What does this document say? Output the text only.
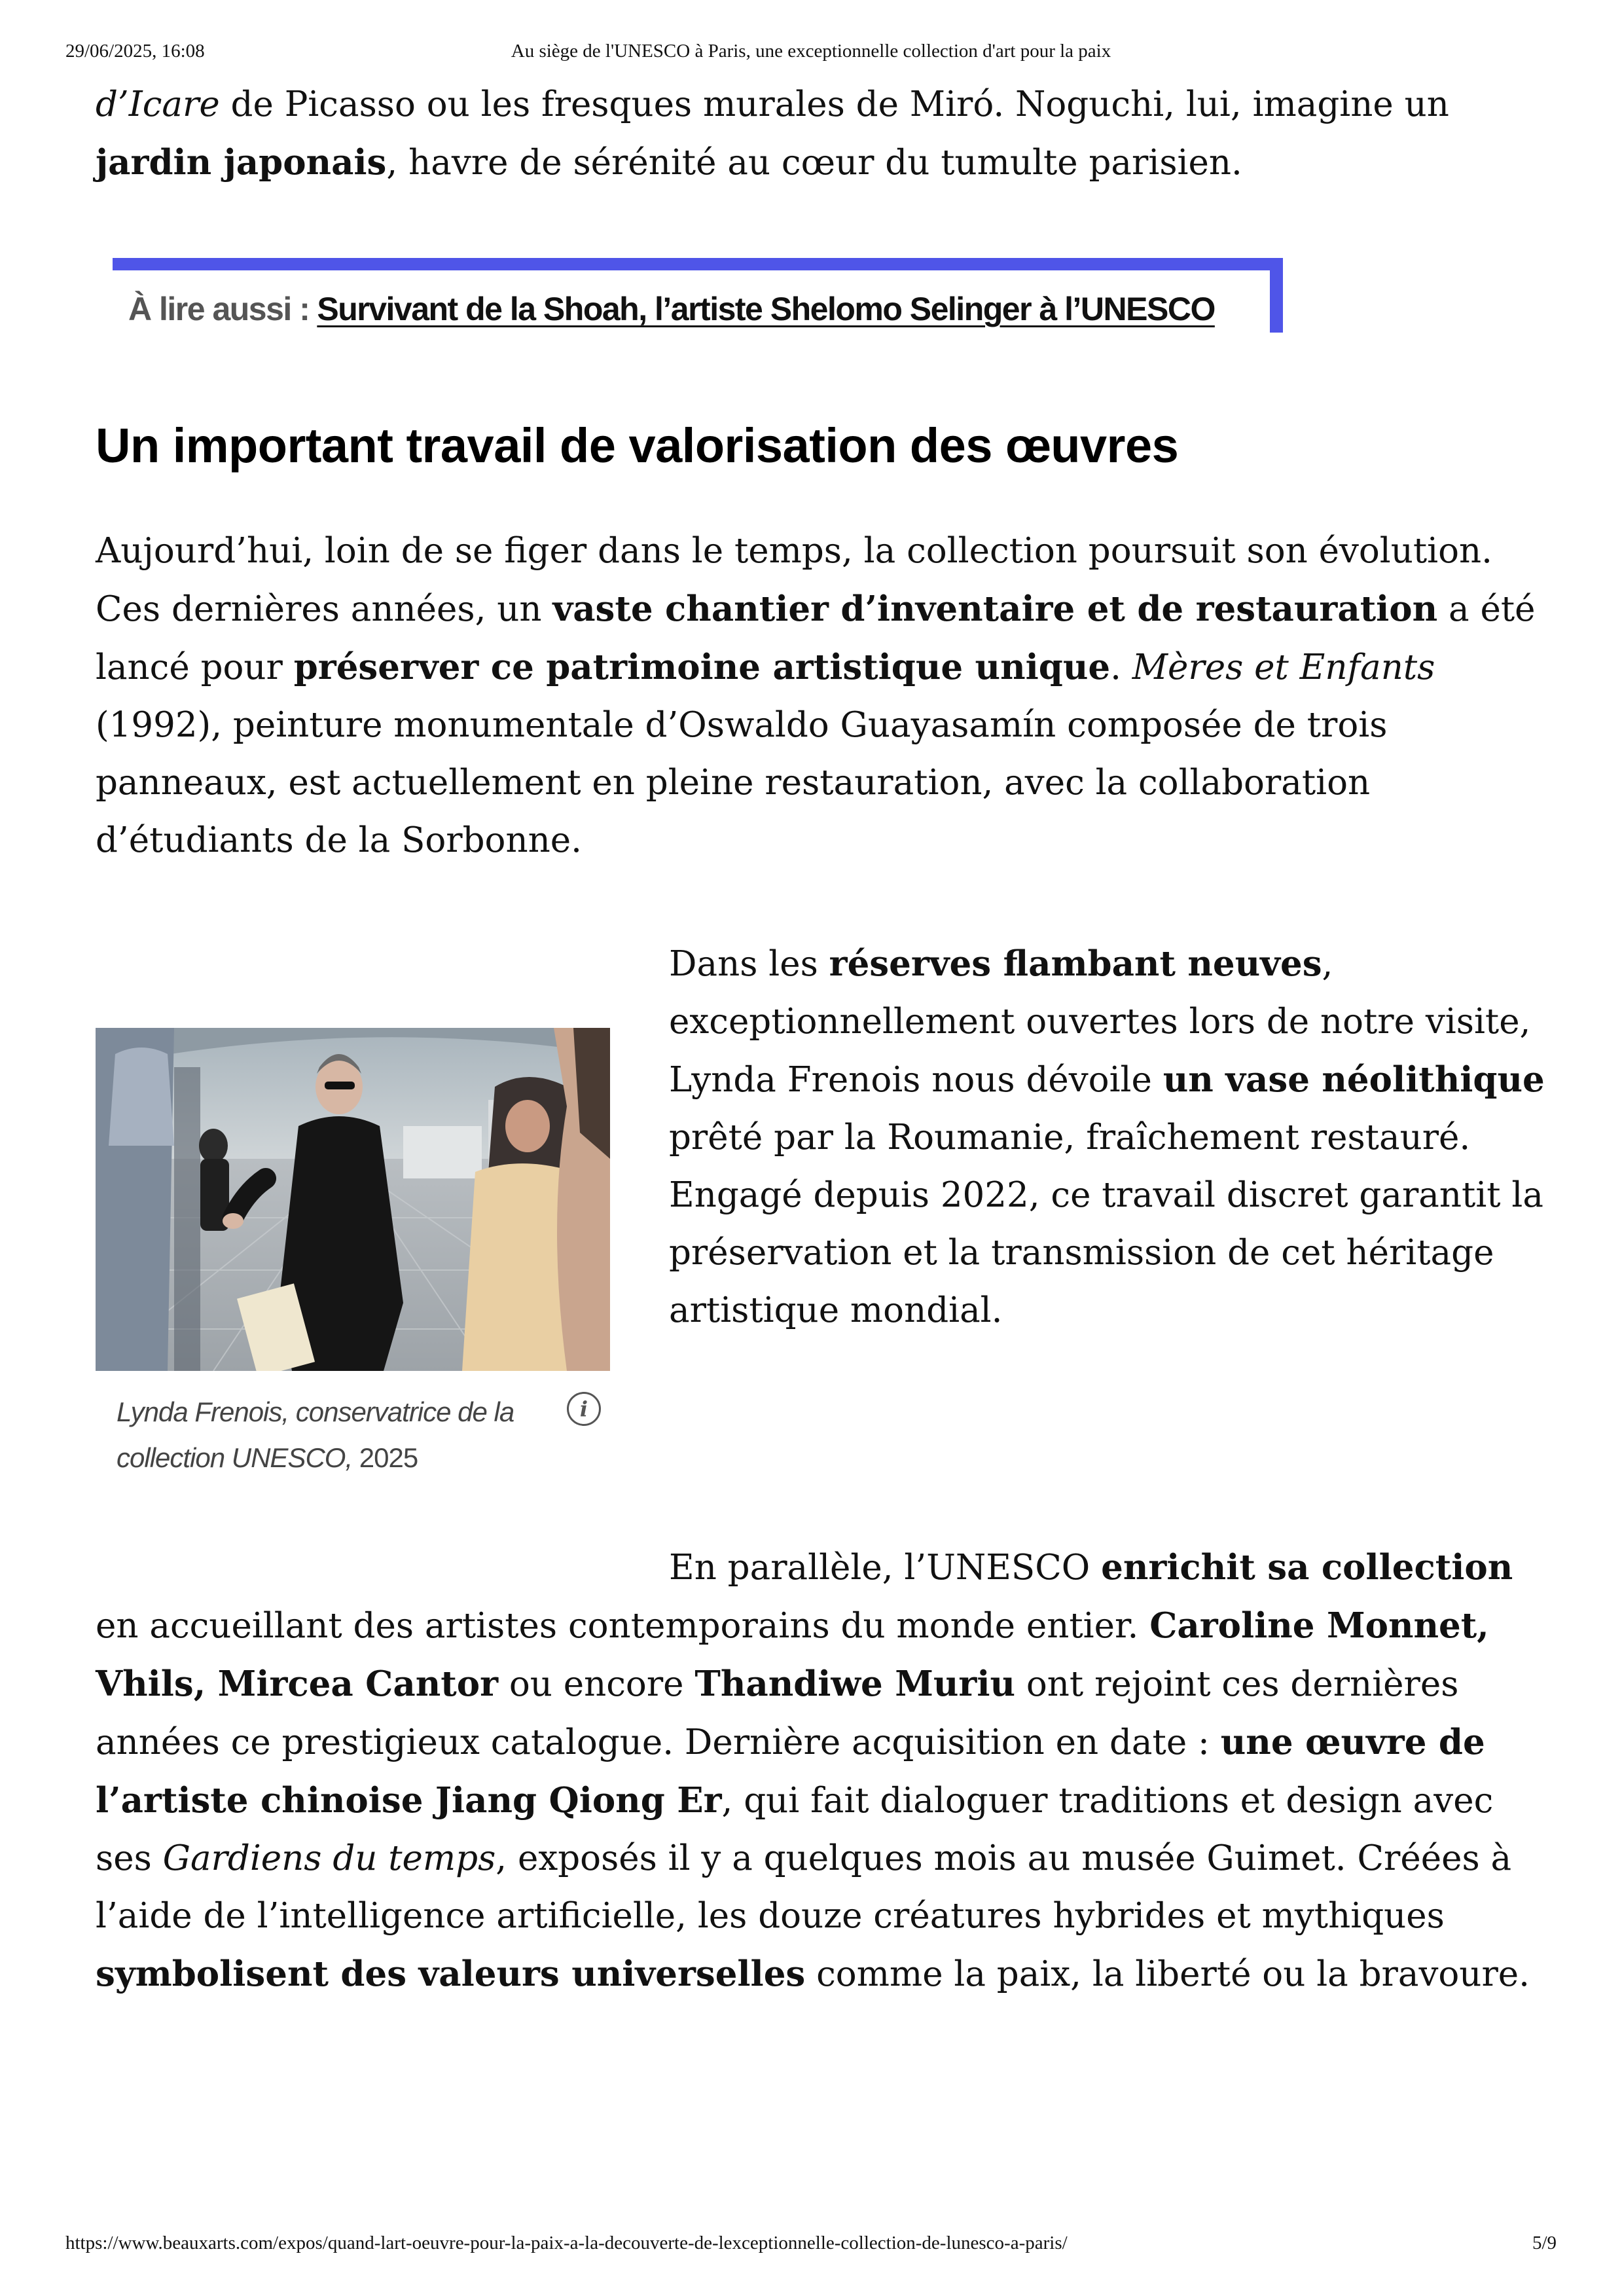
29/06/2025, 16:08	Au siège de l'UNESCO à Paris, une exceptionnelle collection d'art pour la paix

d’Icare de Picasso ou les fresques murales de Miró. Noguchi, lui, imagine un jardin japonais, havre de sérénité au cœur du tumulte parisien.

À lire aussi : Survivant de la Shoah, l’artiste Shelomo Selinger à l’UNESCO
Un important travail de valorisation des œuvres

Aujourd’hui, loin de se figer dans le temps, la collection poursuit son évolution. Ces dernières années, un vaste chantier d’inventaire et de restauration a été lancé pour préserver ce patrimoine artistique unique. Mères et Enfants (1992), peinture monumentale d’Oswaldo Guayasamín composée de trois panneaux, est actuellement en pleine restauration, avec la collaboration d’étudiants de la Sorbonne.

Lynda Frenois, conservatrice de la collection UNESCO, 2025
i

Dans les réserves flambant neuves, exceptionnellement ouvertes lors de notre visite, Lynda Frenois nous dévoile un vase néolithique prêté par la Roumanie, fraîchement restauré. Engagé depuis 2022, ce travail discret garantit la préservation et la transmission de cet héritage artistique mondial.

En parallèle, l’UNESCO enrichit sa collection en accueillant des artistes contemporains du monde entier. Caroline Monnet, Vhils, Mircea Cantor ou encore Thandiwe Muriu ont rejoint ces dernières années ce prestigieux catalogue. Dernière acquisition en date : une œuvre de l’artiste chinoise Jiang Qiong Er, qui fait dialoguer traditions et design avec ses Gardiens du temps, exposés il y a quelques mois au musée Guimet. Créées à l’aide de l’intelligence artificielle, les douze créatures hybrides et mythiques symbolisent des valeurs universelles comme la paix, la liberté ou la bravoure.

https://www.beauxarts.com/expos/quand-lart-oeuvre-pour-la-paix-a-la-decouverte-de-lexceptionnelle-collection-de-lunesco-a-paris/	5/9
